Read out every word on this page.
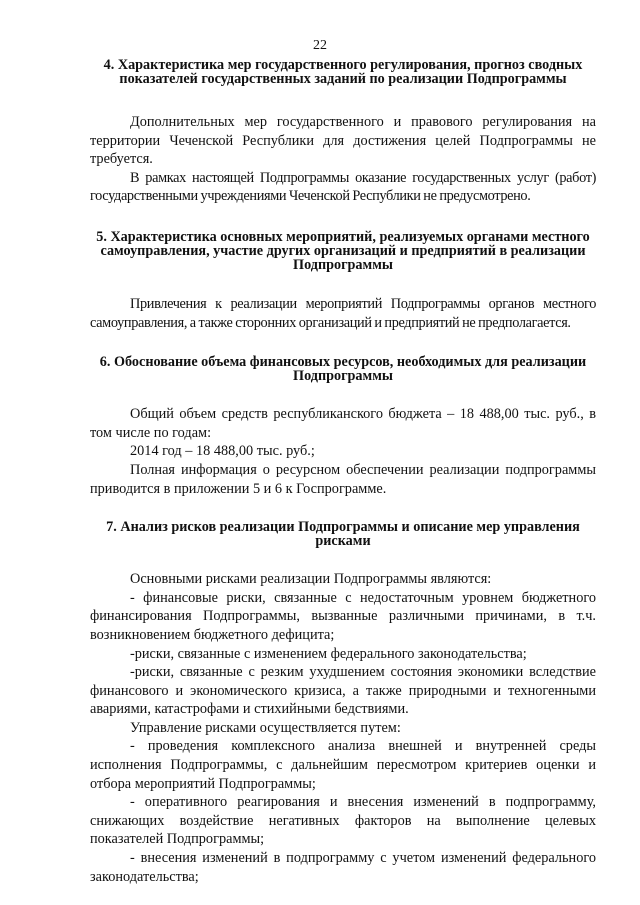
22
4. Характеристика мер государственного регулирования, прогноз сводных показателей государственных заданий по реализации Подпрограммы

Дополнительных мер государственного и правового регулирования на территории Чеченской Республики для достижения целей Подпрограммы не требуется.

В рамках настоящей Подпрограммы оказание государственных услуг (работ) государственными учреждениями Чеченской Республики не предусмотрено.

5. Характеристика основных мероприятий, реализуемых органами местного самоуправления, участие других организаций и предприятий в реализации Подпрограммы

Привлечения к реализации мероприятий Подпрограммы органов местного самоуправления, а также сторонних организаций и предприятий не предполагается.

6. Обоснование объема финансовых ресурсов, необходимых для реализации Подпрограммы

Общий объем средств республиканского бюджета – 18 488,00 тыс. руб., в том числе по годам:

2014 год – 18 488,00 тыс. руб.;

Полная информация о ресурсном обеспечении реализации подпрограммы приводится в приложении 5 и 6 к Госпрограмме.

7. Анализ рисков реализации Подпрограммы и описание мер управления рисками

Основными рисками реализации Подпрограммы являются:

- финансовые риски, связанные с недостаточным уровнем бюджетного финансирования Подпрограммы, вызванные различными причинами, в т.ч. возникновением бюджетного дефицита;

-риски, связанные с изменением федерального законодательства;

-риски, связанные с резким ухудшением состояния экономики вследствие финансового и экономического кризиса, а также природными и техногенными авариями, катастрофами и стихийными бедствиями.

Управление рисками осуществляется путем:

- проведения комплексного анализа внешней и внутренней среды исполнения Подпрограммы, с дальнейшим пересмотром критериев оценки и отбора мероприятий Подпрограммы;

- оперативного реагирования и внесения изменений в подпрограмму, снижающих воздействие негативных факторов на выполнение целевых показателей Подпрограммы;

- внесения изменений в подпрограмму с учетом изменений федерального законодательства;
